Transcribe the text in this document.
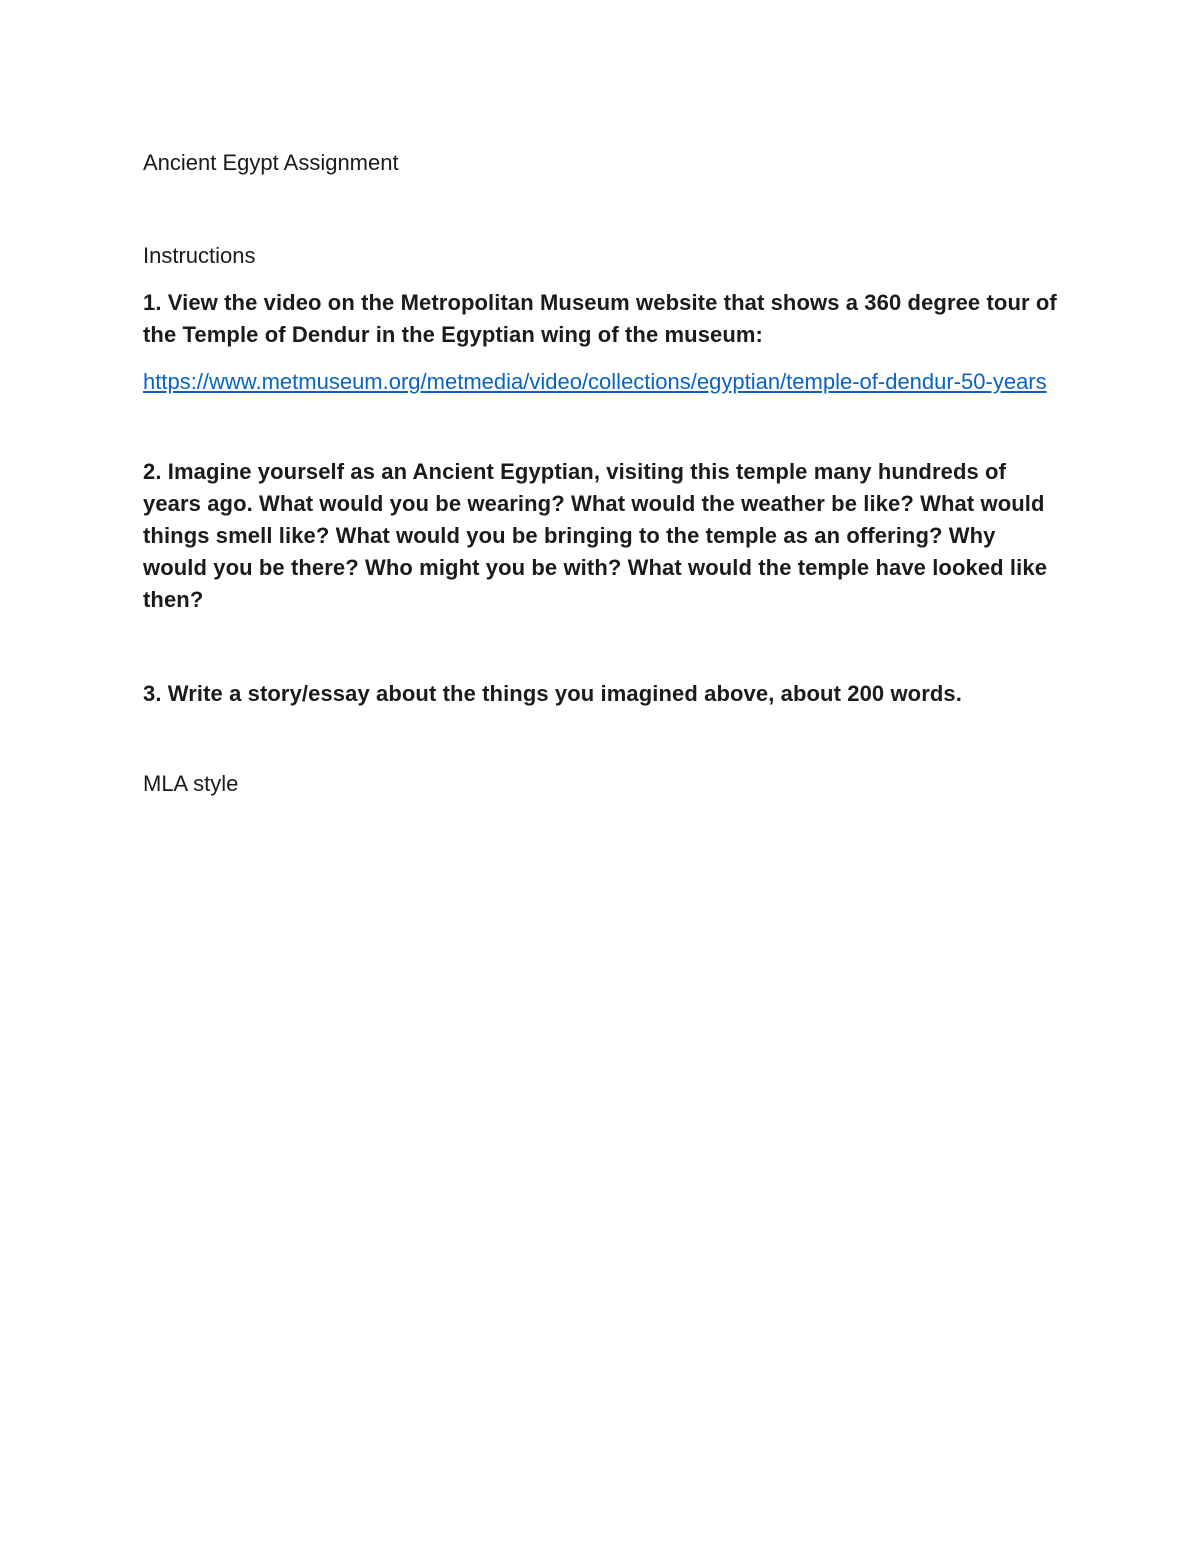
Ancient Egypt Assignment

Instructions

1. View the video on the Metropolitan Museum website that shows a 360 degree tour of the Temple of Dendur in the Egyptian wing of the museum:

https://www.metmuseum.org/metmedia/video/collections/egyptian/temple-of-dendur-50-years

2. Imagine yourself as an Ancient Egyptian, visiting this temple many hundreds of years ago. What would you be wearing? What would the weather be like? What would things smell like? What would you be bringing to the temple as an offering? Why would you be there? Who might you be with? What would the temple have looked like then?

3. Write a story/essay about the things you imagined above, about 200 words.

MLA style
